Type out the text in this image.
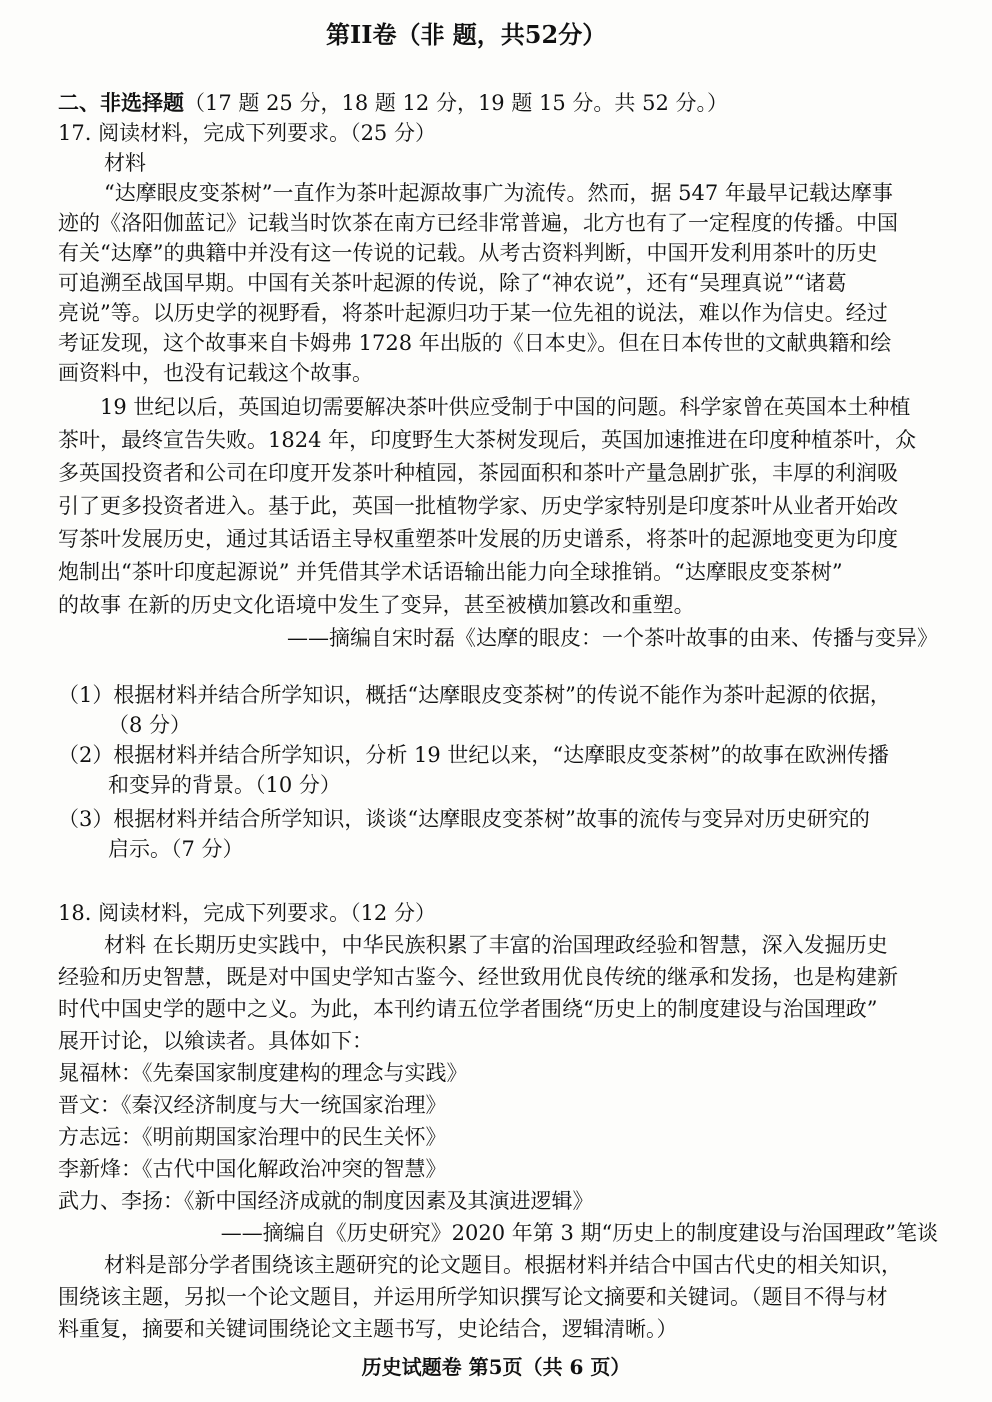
第II卷（非 题，共52分）
二、非选择题（17 题 25 分，18 题 12 分，19 题 15 分。共 52 分。）
17. 阅读材料，完成下列要求。（25 分）
材料
“达摩眼皮变茶树”一直作为茶叶起源故事广为流传。然而，据 547 年最早记载达摩事
迹的《洛阳伽蓝记》记载当时饮茶在南方已经非常普遍，北方也有了一定程度的传播。中国
有关“达摩”的典籍中并没有这一传说的记载。从考古资料判断，中国开发利用茶叶的历史
可追溯至战国早期。中国有关茶叶起源的传说，除了“神农说”，还有“吴理真说”“诸葛
亮说”等。以历史学的视野看，将茶叶起源归功于某一位先祖的说法，难以作为信史。经过
考证发现，这个故事来自卡姆弗 1728 年出版的《日本史》。但在日本传世的文献典籍和绘
画资料中，也没有记载这个故事。
19 世纪以后，英国迫切需要解决茶叶供应受制于中国的问题。科学家曾在英国本土种植
茶叶，最终宣告失败。1824 年，印度野生大茶树发现后，英国加速推进在印度种植茶叶，众
多英国投资者和公司在印度开发茶叶种植园，茶园面积和茶叶产量急剧扩张，丰厚的利润吸
引了更多投资者进入。基于此，英国一批植物学家、历史学家特别是印度茶叶从业者开始改
写茶叶发展历史，通过其话语主导权重塑茶叶发展的历史谱系，将茶叶的起源地变更为印度
炮制出“茶叶印度起源说” 并凭借其学术话语输出能力向全球推销。“达摩眼皮变茶树”
的故事 在新的历史文化语境中发生了变异，甚至被横加篡改和重塑。
——摘编自宋时磊《达摩的眼皮：一个茶叶故事的由来、传播与变异》
（1）根据材料并结合所学知识，概括“达摩眼皮变茶树”的传说不能作为茶叶起源的依据，
（8 分）
（2）根据材料并结合所学知识，分析 19 世纪以来，“达摩眼皮变茶树”的故事在欧洲传播
和变异的背景。（10 分）
（3）根据材料并结合所学知识，谈谈“达摩眼皮变茶树”故事的流传与变异对历史研究的
启示。（7 分）
18. 阅读材料，完成下列要求。（12 分）
材料 在长期历史实践中，中华民族积累了丰富的治国理政经验和智慧，深入发掘历史
经验和历史智慧，既是对中国史学知古鉴今、经世致用优良传统的继承和发扬，也是构建新
时代中国史学的题中之义。为此，本刊约请五位学者围绕“历史上的制度建设与治国理政”
展开讨论，以飨读者。具体如下：
晁福林：《先秦国家制度建构的理念与实践》
晋文：《秦汉经济制度与大一统国家治理》
方志远：《明前期国家治理中的民生关怀》
李新烽：《古代中国化解政治冲突的智慧》
武力、李扬：《新中国经济成就的制度因素及其演进逻辑》
——摘编自《历史研究》2020 年第 3 期“历史上的制度建设与治国理政”笔谈
材料是部分学者围绕该主题研究的论文题目。根据材料并结合中国古代史的相关知识，
围绕该主题，另拟一个论文题目，并运用所学知识撰写论文摘要和关键词。（题目不得与材
料重复，摘要和关键词围绕论文主题书写，史论结合，逻辑清晰。）
历史试题卷 第5页（共 6 页）
